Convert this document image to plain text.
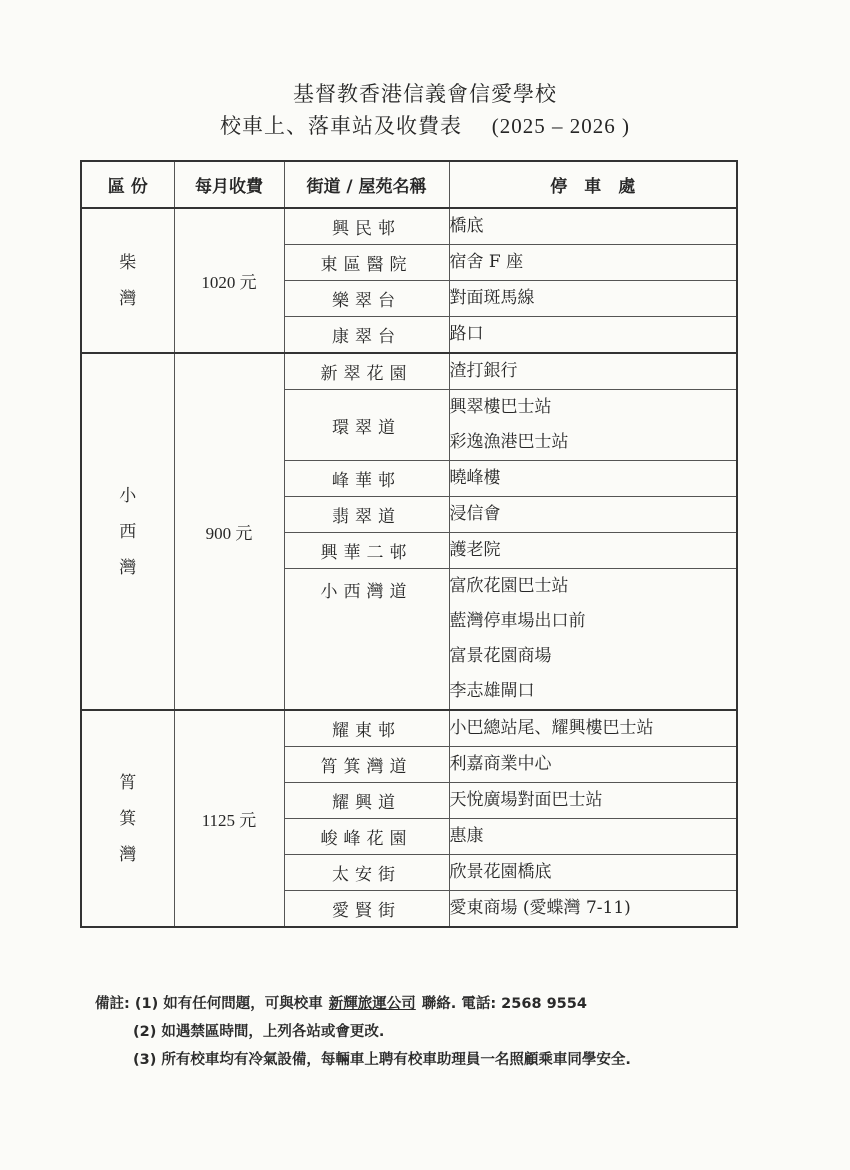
基督教香港信義會信愛學校
校車上、落車站及收費表 (2025 – 2026 )
區 份	每月收費	街道 / 屋苑名稱	停　車　處

柴
灣	1020 元	興民邨	橋底

		東區醫院	宿舍 F 座

		樂翠台	對面斑馬線

		康翠台	路口

小
西
灣	900 元	新翠花園	渣打銀行

		環翠道	興翠樓巴士站
彩逸漁港巴士站

		峰華邨	曉峰樓

		翡翠道	浸信會

		興華二邨	護老院

		小西灣道	富欣花園巴士站
藍灣停車場出口前
富景花園商場
李志雄閘口

筲
箕
灣	1125 元	耀東邨	小巴總站尾、耀興樓巴士站

		筲箕灣道	利嘉商業中心

		耀興道	天悅廣場對面巴士站

		峻峰花園	惠康

		太安街	欣景花園橋底

		愛賢街	愛東商場 (愛蝶灣 7-11)
備註: (1) 如有任何問題，可與校車 新輝旅運公司 聯絡. 電話: 2568 9554
(2) 如遇禁區時間，上列各站或會更改.
(3) 所有校車均有冷氣設備，每輛車上聘有校車助理員一名照顧乘車同學安全.
